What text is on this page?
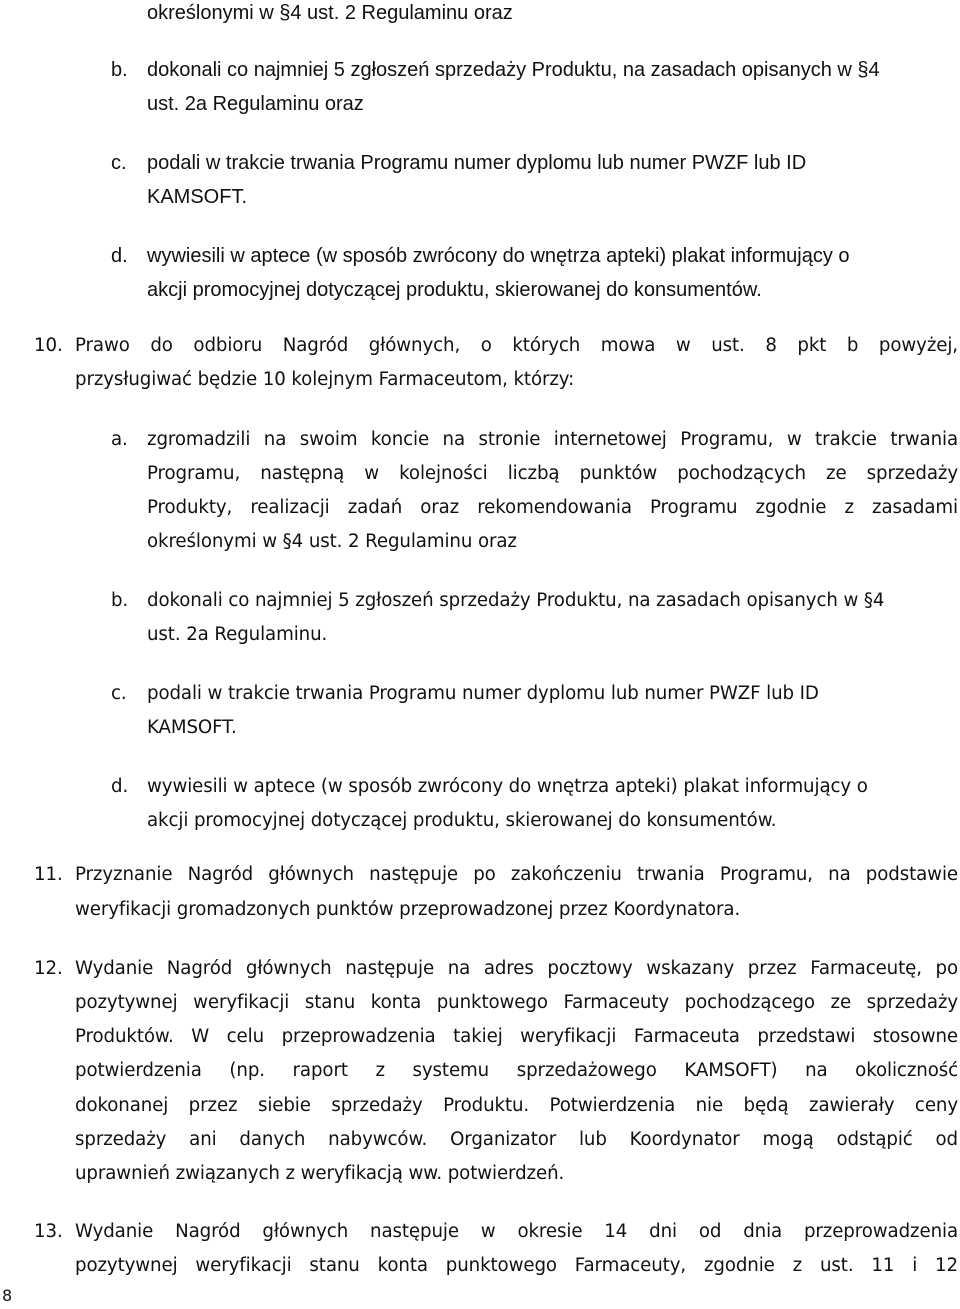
określonymi w §4 ust. 2 Regulaminu oraz
b. dokonali co najmniej 5 zgłoszeń sprzedaży Produktu, na zasadach opisanych w §4
ust. 2a Regulaminu oraz
c. podali w trakcie trwania Programu numer dyplomu lub numer PWZF lub ID
KAMSOFT.
d. wywiesili w aptece (w sposób zwrócony do wnętrza apteki) plakat informujący o
akcji promocyjnej dotyczącej produktu, skierowanej do konsumentów.
10. Prawo do odbioru Nagród głównych, o których mowa w ust. 8 pkt b powyżej,
przysługiwać będzie 10 kolejnym Farmaceutom, którzy:
a. zgromadzili na swoim koncie na stronie internetowej Programu, w trakcie trwania
Programu, następną w kolejności liczbą punktów pochodzących ze sprzedaży
Produkty, realizacji zadań oraz rekomendowania Programu zgodnie z zasadami
określonymi w §4 ust. 2 Regulaminu oraz
b. dokonali co najmniej 5 zgłoszeń sprzedaży Produktu, na zasadach opisanych w §4
ust. 2a Regulaminu.
c. podali w trakcie trwania Programu numer dyplomu lub numer PWZF lub ID
KAMSOFT.
d. wywiesili w aptece (w sposób zwrócony do wnętrza apteki) plakat informujący o
akcji promocyjnej dotyczącej produktu, skierowanej do konsumentów.
11. Przyznanie Nagród głównych następuje po zakończeniu trwania Programu, na podstawie
weryfikacji gromadzonych punktów przeprowadzonej przez Koordynatora.
12. Wydanie Nagród głównych następuje na adres pocztowy wskazany przez Farmaceutę, po
pozytywnej weryfikacji stanu konta punktowego Farmaceuty pochodzącego ze sprzedaży
Produktów. W celu przeprowadzenia takiej weryfikacji Farmaceuta przedstawi stosowne
potwierdzenia (np. raport z systemu sprzedażowego KAMSOFT) na okoliczność
dokonanej przez siebie sprzedaży Produktu. Potwierdzenia nie będą zawierały ceny
sprzedaży ani danych nabywców. Organizator lub Koordynator mogą odstąpić od
uprawnień związanych z weryfikacją ww. potwierdzeń.
13. Wydanie Nagród głównych następuje w okresie 14 dni od dnia przeprowadzenia
pozytywnej weryfikacji stanu konta punktowego Farmaceuty, zgodnie z ust. 11 i 12
8
